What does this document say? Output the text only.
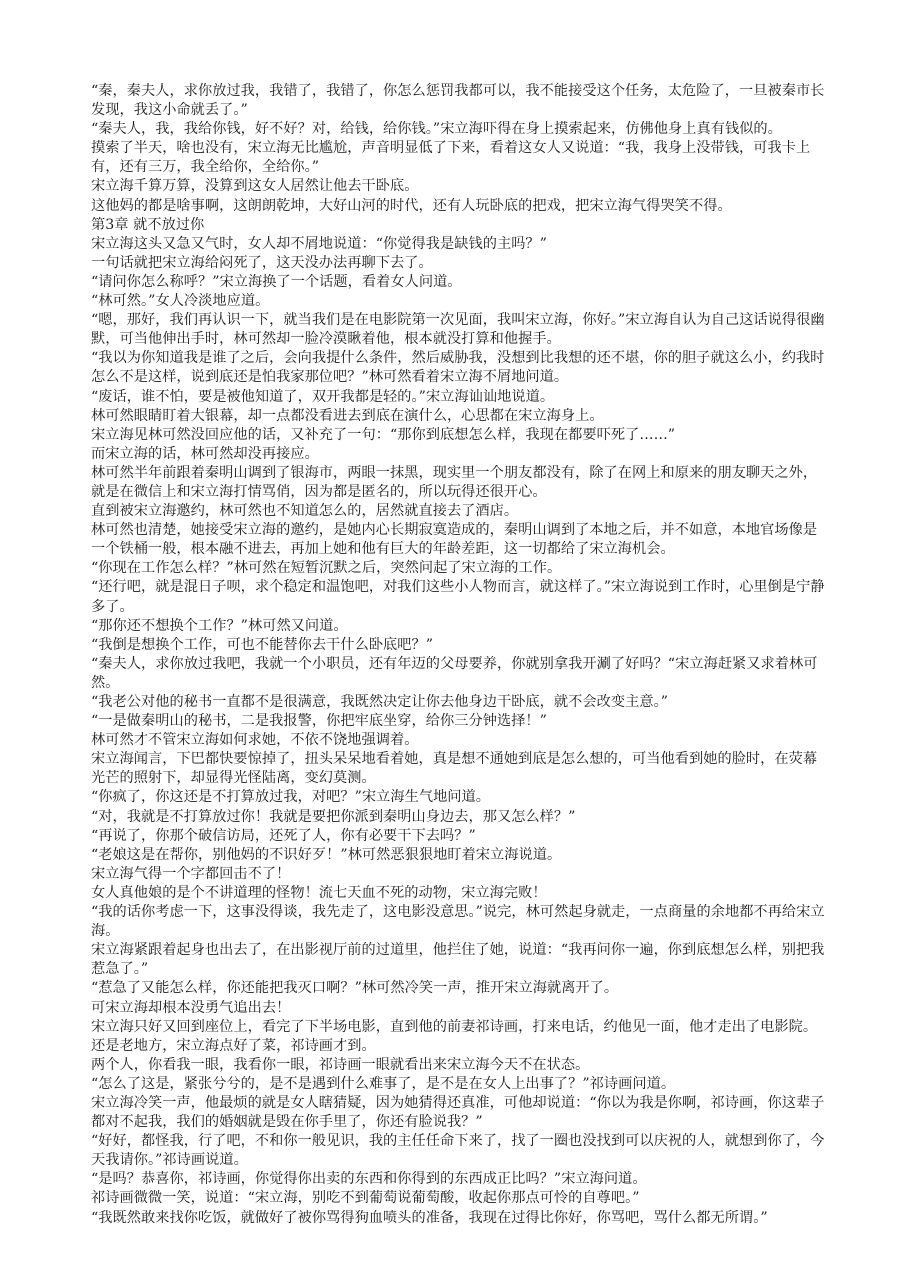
“秦，秦夫人，求你放过我，我错了，我错了，你怎么惩罚我都可以，我不能接受这个任务，太危险了，一旦被秦市长发现，我这小命就丢了。”

“秦夫人，我，我给你钱，好不好？对，给钱，给你钱。”宋立海吓得在身上摸索起来，仿佛他身上真有钱似的。

摸索了半天，啥也没有，宋立海无比尴尬，声音明显低了下来，看着这女人又说道：“我，我身上没带钱，可我卡上有，还有三万，我全给你，全给你。”

宋立海千算万算，没算到这女人居然让他去干卧底。

这他妈的都是啥事啊，这朗朗乾坤，大好山河的时代，还有人玩卧底的把戏，把宋立海气得哭笑不得。

第3章 就不放过你

宋立海这头又急又气时，女人却不屑地说道：“你觉得我是缺钱的主吗？”

一句话就把宋立海给闷死了，这天没办法再聊下去了。

“请问你怎么称呼？”宋立海换了一个话题，看着女人问道。

“林可然。”女人冷淡地应道。

“嗯，那好，我们再认识一下，就当我们是在电影院第一次见面，我叫宋立海，你好。”宋立海自认为自己这话说得很幽默，可当他伸出手时，林可然却一脸冷漠瞅着他，根本就没打算和他握手。

“我以为你知道我是谁了之后，会向我提什么条件，然后威胁我，没想到比我想的还不堪，你的胆子就这么小，约我时怎么不是这样，说到底还是怕我家那位吧？”林可然看着宋立海不屑地问道。

“废话，谁不怕，要是被他知道了，双开我都是轻的。”宋立海讪讪地说道。

林可然眼睛盯着大银幕，却一点都没看进去到底在演什么，心思都在宋立海身上。

宋立海见林可然没回应他的话，又补充了一句：“那你到底想怎么样，我现在都要吓死了……”

而宋立海的话，林可然却没再接应。

林可然半年前跟着秦明山调到了银海市，两眼一抹黑，现实里一个朋友都没有，除了在网上和原来的朋友聊天之外，就是在微信上和宋立海打情骂俏，因为都是匿名的，所以玩得还很开心。

直到被宋立海邀约，林可然也不知道怎么的，居然就直接去了酒店。

林可然也清楚，她接受宋立海的邀约，是她内心长期寂寞造成的，秦明山调到了本地之后，并不如意，本地官场像是一个铁桶一般，根本融不进去，再加上她和他有巨大的年龄差距，这一切都给了宋立海机会。

“你现在工作怎么样？”林可然在短暂沉默之后，突然问起了宋立海的工作。

“还行吧，就是混日子呗，求个稳定和温饱吧，对我们这些小人物而言，就这样了。”宋立海说到工作时，心里倒是宁静多了。

“那你还不想换个工作？”林可然又问道。

“我倒是想换个工作，可也不能替你去干什么卧底吧？”

“秦夫人，求你放过我吧，我就一个小职员，还有年迈的父母要养，你就别拿我开涮了好吗？“宋立海赶紧又求着林可然。

“我老公对他的秘书一直都不是很满意，我既然决定让你去他身边干卧底，就不会改变主意。”

“一是做秦明山的秘书，二是我报警，你把牢底坐穿，给你三分钟选择！”

林可然才不管宋立海如何求她，不依不饶地强调着。

宋立海闻言，下巴都快要惊掉了，扭头呆呆地看着她，真是想不通她到底是怎么想的，可当他看到她的脸时，在荧幕光芒的照射下，却显得光怪陆离，变幻莫测。

“你疯了，你这还是不打算放过我，对吧？”宋立海生气地问道。

“对，我就是不打算放过你！我就是要把你派到秦明山身边去，那又怎么样？”

“再说了，你那个破信访局，还死了人，你有必要干下去吗？”

“老娘这是在帮你，别他妈的不识好歹！”林可然恶狠狠地盯着宋立海说道。

宋立海气得一个字都回击不了！

女人真他娘的是个不讲道理的怪物！流七天血不死的动物，宋立海完败！

“我的话你考虑一下，这事没得谈，我先走了，这电影没意思。”说完，林可然起身就走，一点商量的余地都不再给宋立海。

宋立海紧跟着起身也出去了，在出影视厅前的过道里，他拦住了她，说道：“我再问你一遍，你到底想怎么样，别把我惹急了。”

“惹急了又能怎么样，你还能把我灭口啊？”林可然冷笑一声，推开宋立海就离开了。

可宋立海却根本没勇气追出去！

宋立海只好又回到座位上，看完了下半场电影，直到他的前妻祁诗画，打来电话，约他见一面，他才走出了电影院。

还是老地方，宋立海点好了菜，祁诗画才到。

两个人，你看我一眼，我看你一眼，祁诗画一眼就看出来宋立海今天不在状态。

“怎么了这是，紧张兮兮的，是不是遇到什么难事了，是不是在女人上出事了？”祁诗画问道。

宋立海冷笑一声，他最烦的就是女人瞎猜疑，因为她猜得还真准，可他却说道：“你以为我是你啊，祁诗画，你这辈子都对不起我，我们的婚姻就是毁在你手里了，你还有脸说我？”

“好好，都怪我，行了吧，不和你一般见识，我的主任任命下来了，找了一圈也没找到可以庆祝的人，就想到你了，今天我请你。”祁诗画说道。

“是吗？恭喜你，祁诗画，你觉得你出卖的东西和你得到的东西成正比吗？”宋立海问道。

祁诗画微微一笑，说道：“宋立海，别吃不到葡萄说葡萄酸，收起你那点可怜的自尊吧。”

“我既然敢来找你吃饭，就做好了被你骂得狗血喷头的准备，我现在过得比你好，你骂吧，骂什么都无所谓。”
